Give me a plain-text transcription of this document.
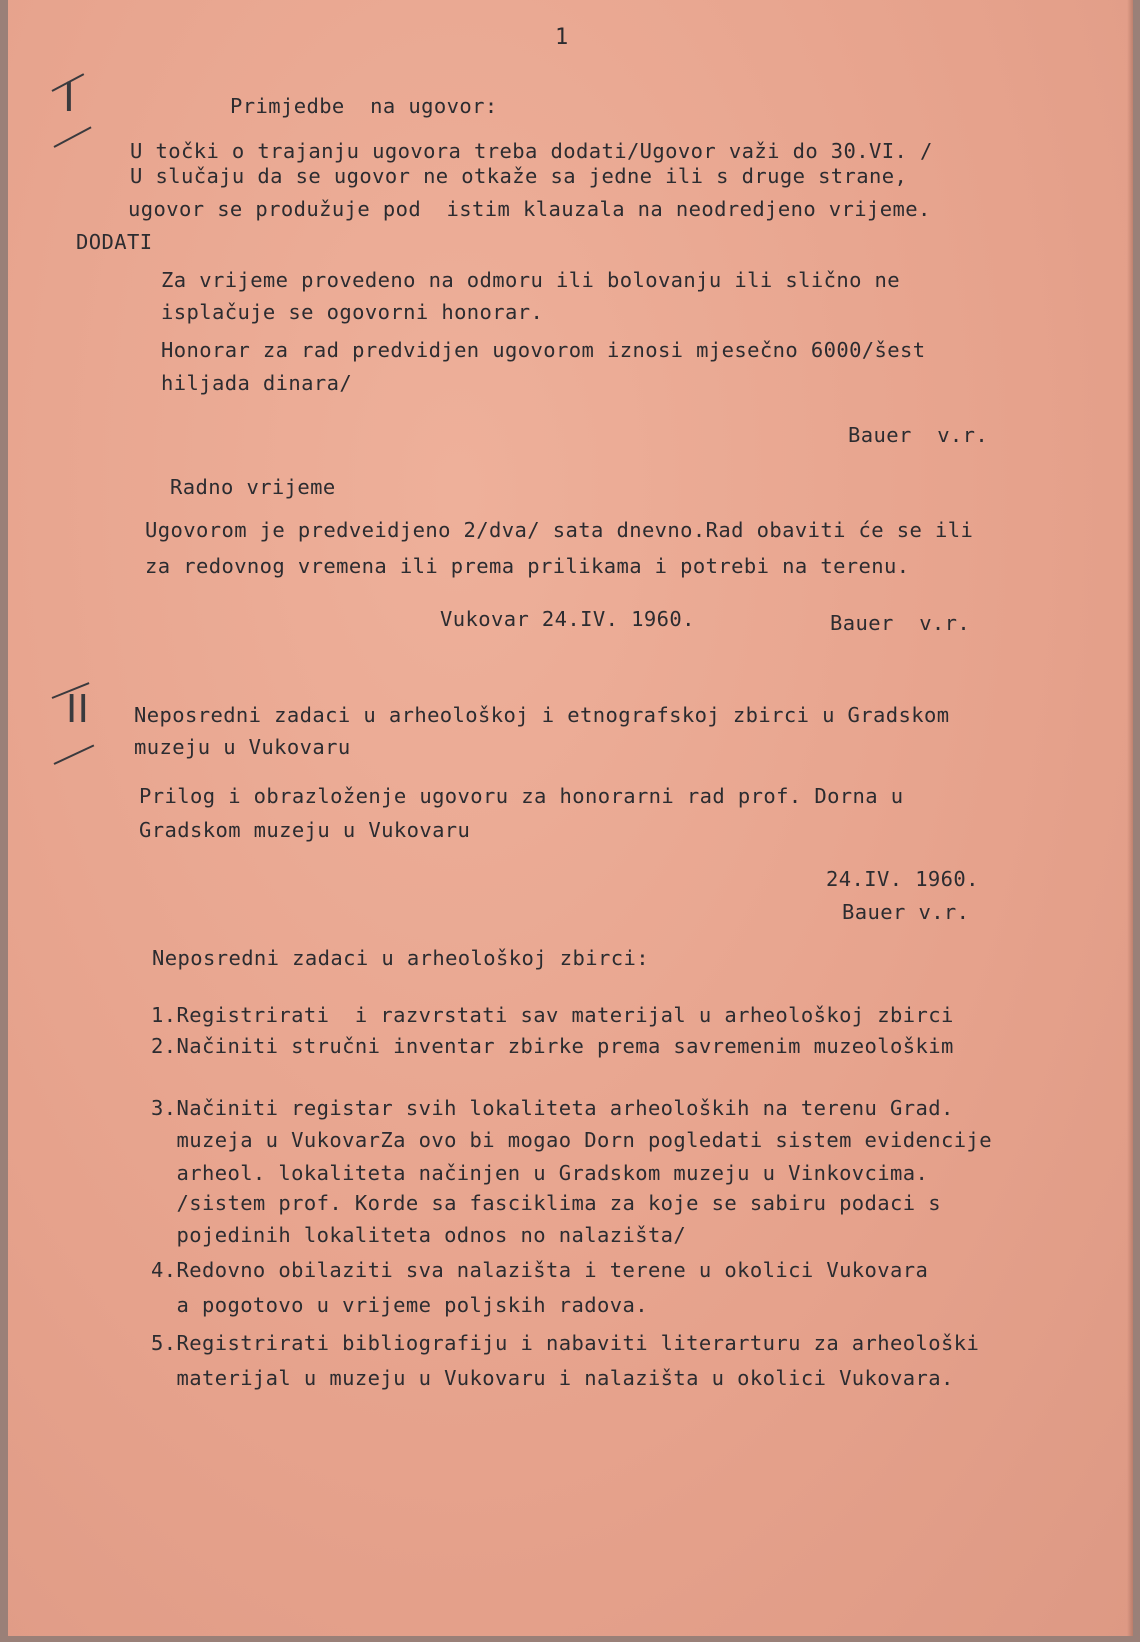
1
I	Primjedbe  na ugovor:
U točki o trajanju ugovora treba dodati/Ugovor važi do 30.VI. /
U slučaju da se ugovor ne otkaže sa jedne ili s druge strane,
ugovor se produžuje pod  istim klauzala na neodredjeno vrijeme.
DODATI
Za vrijeme provedeno na odmoru ili bolovanju ili slično ne
isplačuje se ogovorni honorar.
Honorar za rad predvidjen ugovorom iznosi mjesečno 6000/šest
hiljada dinara/
Bauer  v.r.
Radno vrijeme
Ugovorom je predveidjeno 2/dva/ sata dnevno.Rad obaviti će se ili
za redovnog vremena ili prema prilikama i potrebi na terenu.
Vukovar 24.IV. 1960.	Bauer  v.r.
II Neposredni zadaci u arheološkoj i etnografskoj zbirci u Gradskom
muzeju u Vukovaru
Prilog i obrazloženje ugovoru za honorarni rad prof. Dorna u
Gradskom muzeju u Vukovaru
24.IV. 1960.
Bauer v.r.
Neposredni zadaci u arheološkoj zbirci:
1.Registrirati  i razvrstati sav materijal u arheološkoj zbirci
2.Načiniti stručni inventar zbirke prema savremenim muzeološkim
3.Načiniti registar svih lokaliteta arheoloških na terenu Grad.
muzeja u VukovarZa ovo bi mogao Dorn pogledati sistem evidencije
arheol. lokaliteta načinjen u Gradskom muzeju u Vinkovcima.
/sistem prof. Korde sa fasciklima za koje se sabiru podaci s
pojedinih lokaliteta odnos no nalazišta/
4.Redovno obilaziti sva nalazišta i terene u okolici Vukovara
a pogotovo u vrijeme poljskih radova.
5.Registrirati bibliografiju i nabaviti literarturu za arheološki
materijal u muzeju u Vukovaru i nalazišta u okolici Vukovara.
